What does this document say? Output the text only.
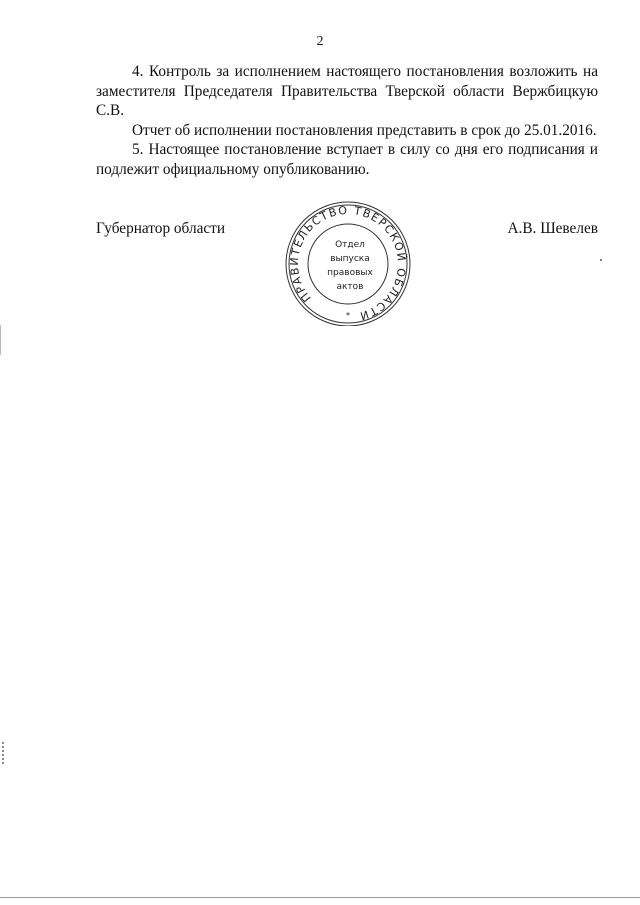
2

4. Контроль за исполнением настоящего постановления возложить на заместителя Председателя Правительства Тверской области Вержбицкую С.В.

Отчет об исполнении постановления представить в срок до 25.01.2016.

5. Настоящее постановление вступает в силу со дня его подписания и подлежит официальному опубликованию.

Губернатор области
ПРАВИТЕЛЬСТВО ТВЕРСКОЙ ОБЛАСТИ
Отдел
выпуска
правовых
актов
*
А.В. Шевелев
